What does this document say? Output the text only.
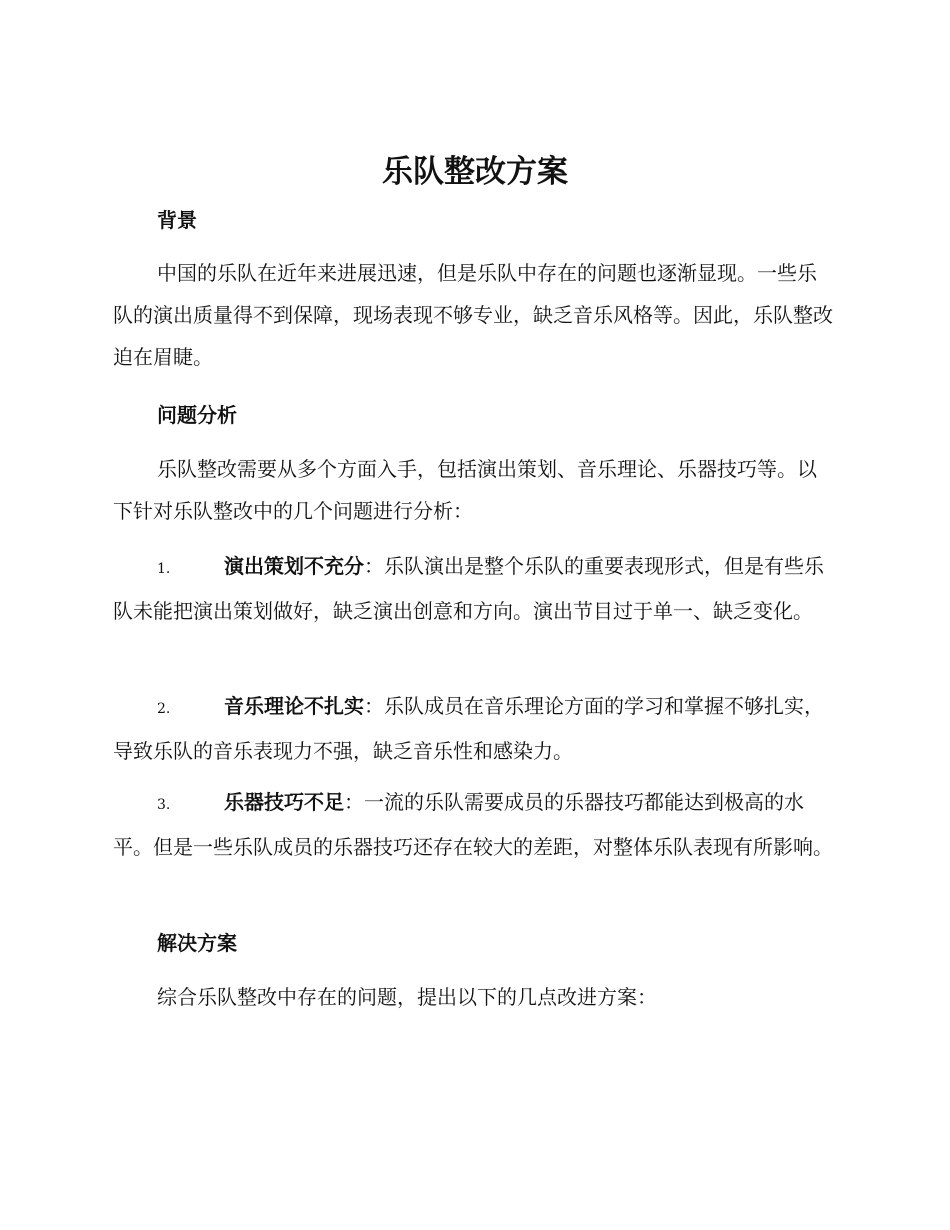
乐队整改方案
背景

中国的乐队在近年来进展迅速，但是乐队中存在的问题也逐渐显现。一些乐队的演出质量得不到保障，现场表现不够专业，缺乏音乐风格等。因此，乐队整改迫在眉睫。

问题分析

乐队整改需要从多个方面入手，包括演出策划、音乐理论、乐器技巧等。以下针对乐队整改中的几个问题进行分析：

1.	演出策划不充分：乐队演出是整个乐队的重要表现形式，但是有些乐队未能把演出策划做好，缺乏演出创意和方向。演出节目过于单一、缺乏变化。

2.	音乐理论不扎实：乐队成员在音乐理论方面的学习和掌握不够扎实，导致乐队的音乐表现力不强，缺乏音乐性和感染力。

3.	乐器技巧不足：一流的乐队需要成员的乐器技巧都能达到极高的水平。但是一些乐队成员的乐器技巧还存在较大的差距，对整体乐队表现有所影响。

解决方案

综合乐队整改中存在的问题，提出以下的几点改进方案：
